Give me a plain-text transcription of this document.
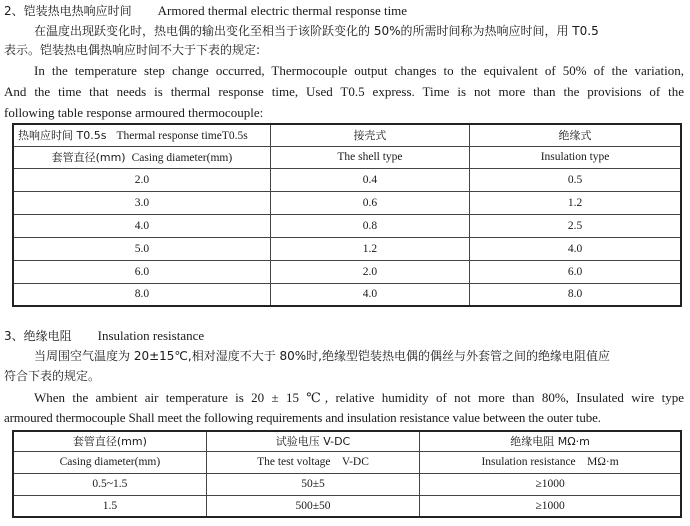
2、铠装热电热响应时间 Armored thermal electric thermal response time
在温度出现跃变化时，热电偶的输出变化至相当于该阶跃变化的 50%的所需时间称为热响应时间，用 T0.5
表示。铠装热电偶热响应时间不大于下表的规定:
In the temperature step change occurred, Thermocouple output changes to the equivalent of 50% of the variation,
And the time that needs is thermal response time, Used T0.5 express. Time is not more than the provisions of the
following table response armoured thermocouple:
热响应时间 T0.5s Thermal response timeT0.5s	接壳式	绝缘式
套管直径(mm) Casing diameter(mm)	The shell type	Insulation type
2.0	0.4	0.5
3.0	0.6	1.2
4.0	0.8	2.5
5.0	1.2	4.0
6.0	2.0	6.0
8.0	4.0	8.0
3、绝缘电阻 Insulation resistance
当周围空气温度为 20±15℃,相对湿度不大于 80%时,绝缘型铠装热电偶的偶丝与外套管之间的绝缘电阻值应
符合下表的规定。
When the ambient air temperature is 20 ± 15 ℃, relative humidity of not more than 80%, Insulated wire type
armoured thermocouple Shall meet the following requirements and insulation resistance value between the outer tube.
套管直径(mm)	试验电压 V-DC	绝缘电阻 MΩ·m
Casing diameter(mm)	The test voltage    V-DC	Insulation resistance    MΩ·m
0.5~1.5	50±5	≥1000
1.5	500±50	≥1000
